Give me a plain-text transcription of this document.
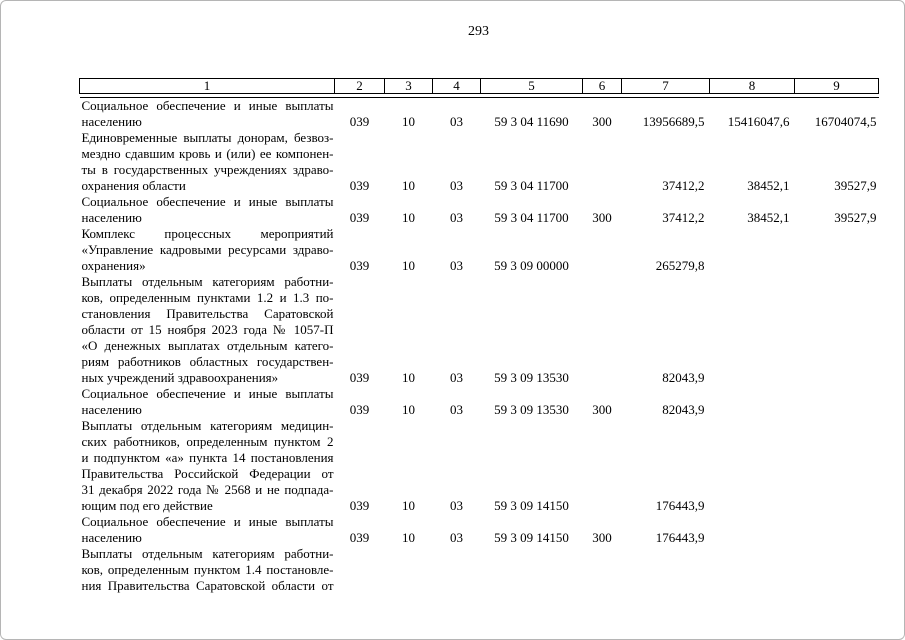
293
1	2	3	4	5	6	7	8	9

Социальное обеспечение и иные выплаты
населению	039	10	03	59 3 04 11690	300	13956689,5	15416047,6	16704074,5

Единовременные выплаты донорам, безвоз-
мездно сдавшим кровь и (или) ее компонен-
ты в государственных учреждениях здраво-
охранения области	039	10	03	59 3 04 11700		37412,2	38452,1	39527,9

Социальное обеспечение и иные выплаты
населению	039	10	03	59 3 04 11700	300	37412,2	38452,1	39527,9

Комплекс процессных мероприятий
«Управление кадровыми ресурсами здраво-
охранения»	039	10	03	59 3 09 00000		265279,8		

Выплаты отдельным категориям работни-
ков, определенным пунктами 1.2 и 1.3 по-
становления Правительства Саратовской
области от 15 ноября 2023 года № 1057-П
«О денежных выплатах отдельным катего-
риям работников областных государствен-
ных учреждений здравоохранения»	039	10	03	59 3 09 13530		82043,9		

Социальное обеспечение и иные выплаты
населению	039	10	03	59 3 09 13530	300	82043,9		

Выплаты отдельным категориям медицин-
ских работников, определенным пунктом 2
и подпунктом «а» пункта 14 постановления
Правительства Российской Федерации от
31 декабря 2022 года № 2568 и не подпада-
ющим под его действие	039	10	03	59 3 09 14150		176443,9		

Социальное обеспечение и иные выплаты
населению	039	10	03	59 3 09 14150	300	176443,9		

Выплаты отдельным категориям работни-
ков, определенным пунктом 1.4 постановле-
ния Правительства Саратовской области от								
